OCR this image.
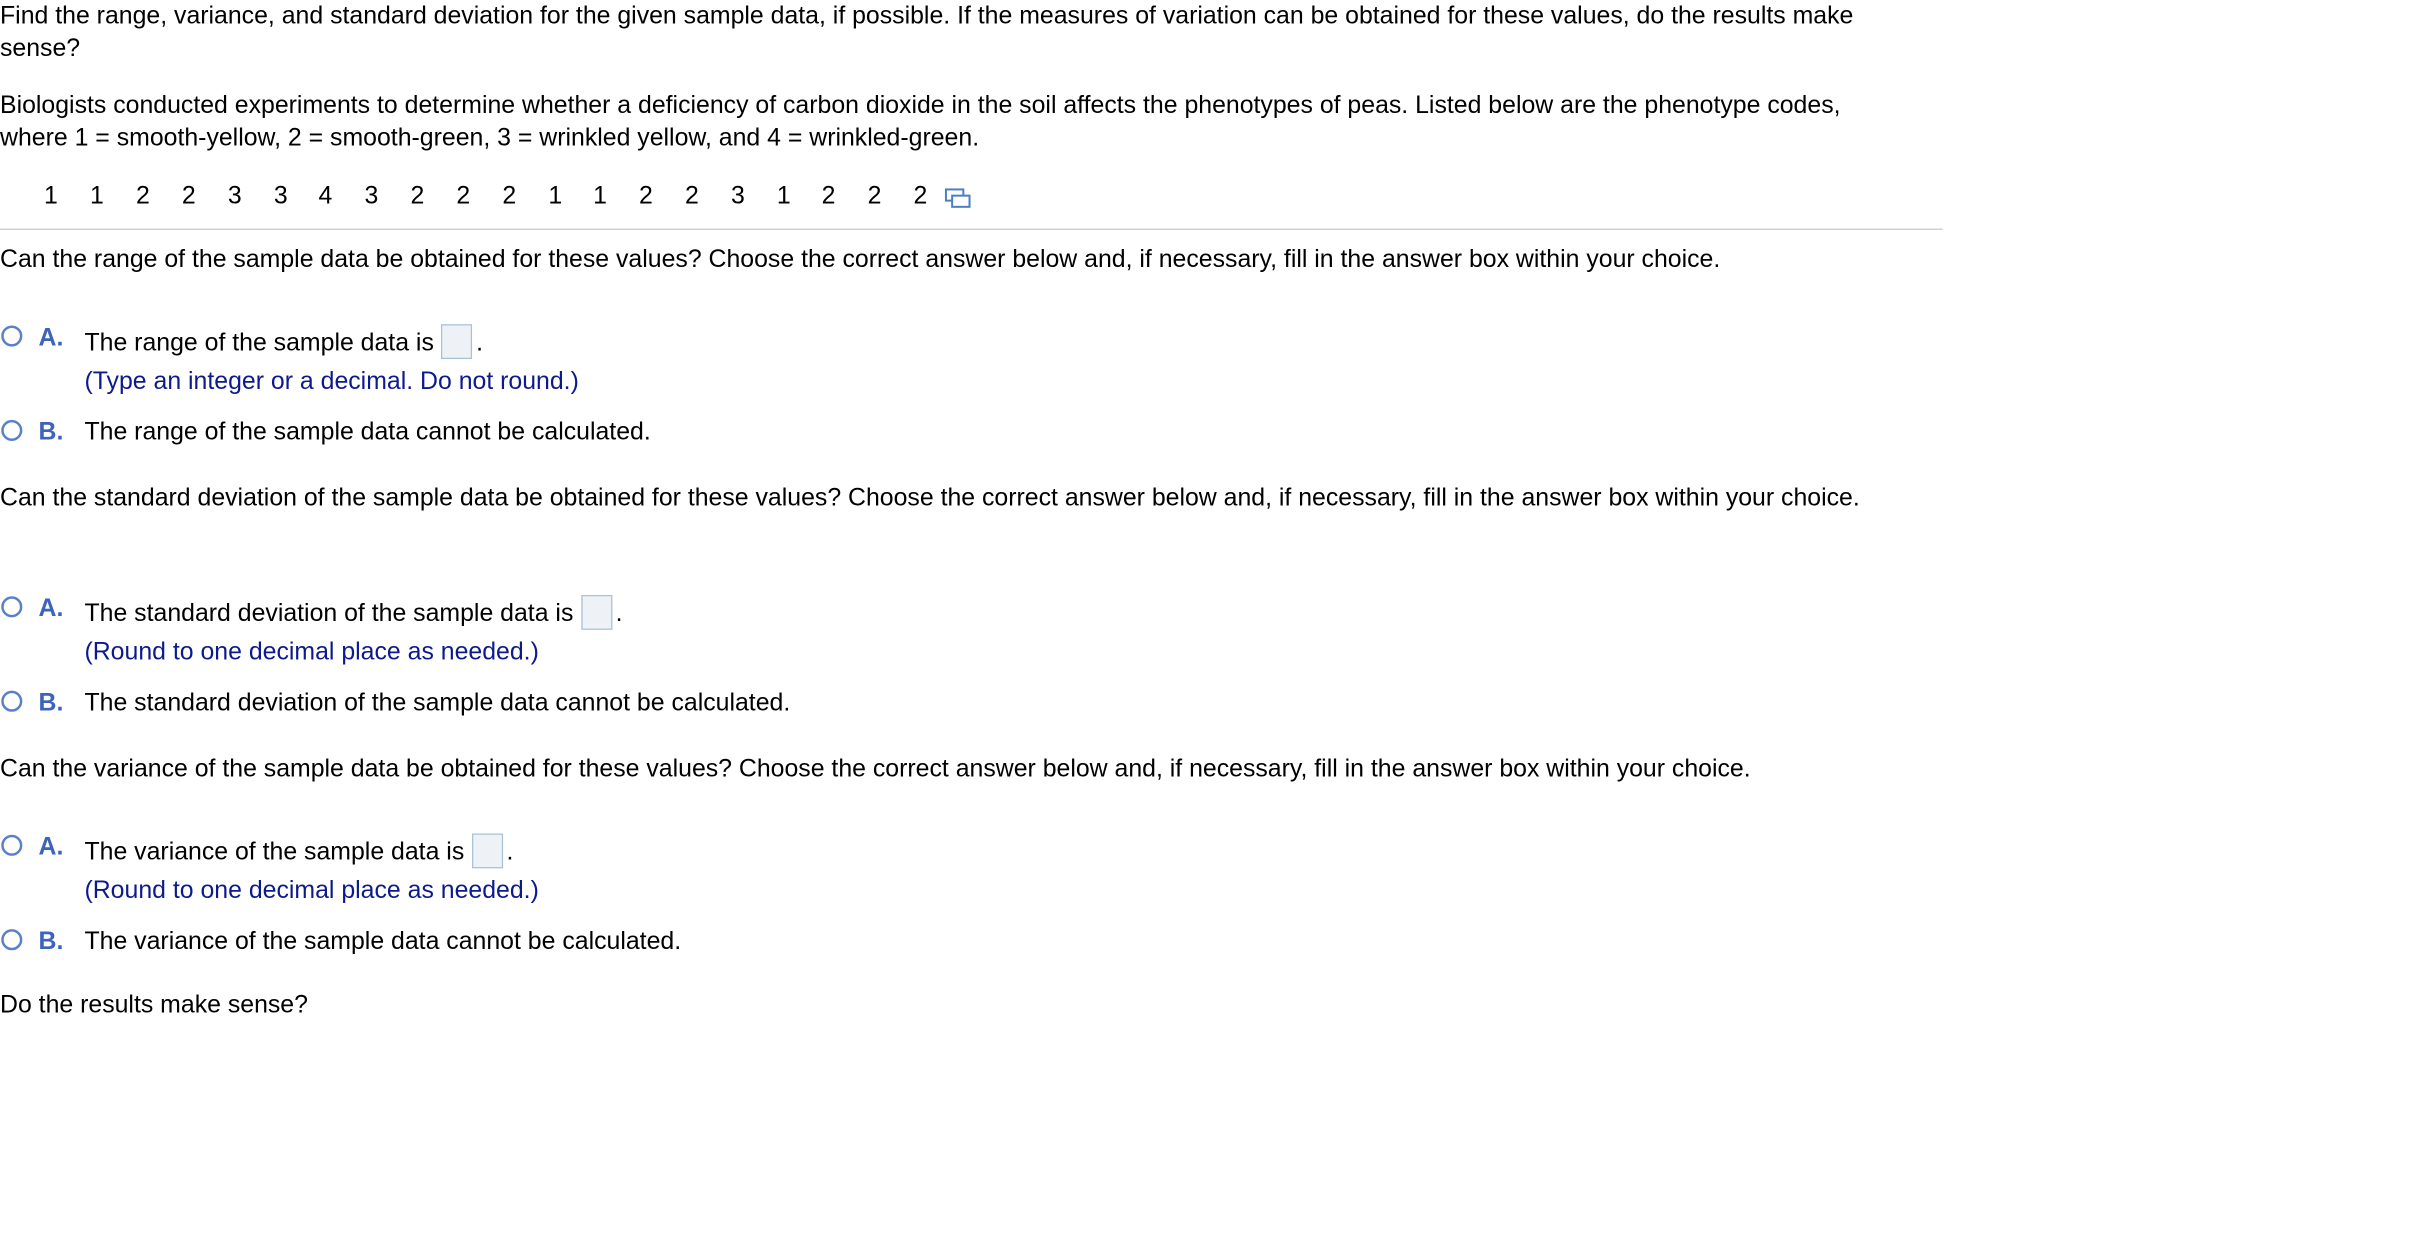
Find the range, variance, and standard deviation for the given sample data, if possible. If the measures of variation can be obtained for these values, do the results make sense?
Biologists conducted experiments to determine whether a deficiency of carbon dioxide in the soil affects the phenotypes of peas. Listed below are the phenotype codes, where 1 = smooth-yellow, 2 = smooth-green, 3 = wrinkled yellow, and 4 = wrinkled-green.
1 1 2 2 3 3 4 3 2 2 2 1 1 2 2 3 1 2 2 2
Can the range of the sample data be obtained for these values? Choose the correct answer below and, if necessary, fill in the answer box within your choice.
A. The range of the sample data is .
(Type an integer or a decimal. Do not round.)
B. The range of the sample data cannot be calculated.
Can the standard deviation of the sample data be obtained for these values? Choose the correct answer below and, if necessary, fill in the answer box within your choice.
A. The standard deviation of the sample data is .
(Round to one decimal place as needed.)
B. The standard deviation of the sample data cannot be calculated.
Can the variance of the sample data be obtained for these values? Choose the correct answer below and, if necessary, fill in the answer box within your choice.
A. The variance of the sample data is .
(Round to one decimal place as needed.)
B. The variance of the sample data cannot be calculated.
Do the results make sense?
